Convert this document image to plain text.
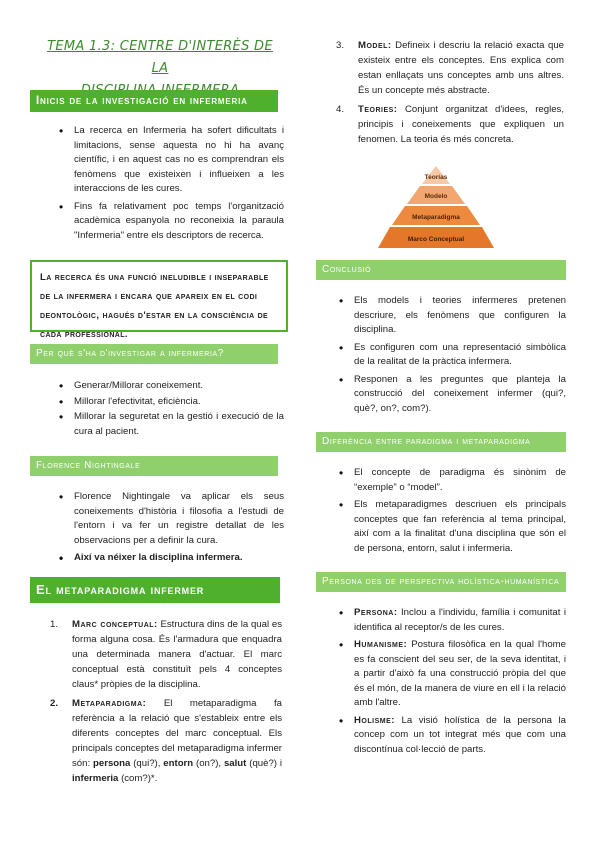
TEMA 1.3: CENTRE D'INTERÈS DE LA
Inicis de la investigació en infermeria
• La recerca en Infermeria ha sofert dificultats i limitacions, sense aquesta no hi ha avanç científic, i en aquest cas no es comprendran els fenòmens que existeixen i influeixen a les interaccions de les cures.
• Fins fa relativament poc temps l'organització acadèmica espanyola no reconeixia la paraula "Infermeria" entre els descriptors de recerca.
La recerca és una funció ineludible i inseparable de la infermera i encara que apareix en el codi deontològic, hagués d'estar en la consciència de cada professional.
Per què s'ha d'investigar a infermeria?
• Generar/Millorar coneixement.
• Millorar l'efectivitat, eficiència.
• Millorar la seguretat en la gestió i execució de la cura al pacient.
Florence Nightingale
• Florence Nightingale va aplicar els seus coneixements d'història i filosofia a l'estudi de l'entorn i va fer un registre detallat de les observacions per a definir la cura.
• Així va néixer la disciplina infermera.
El metaparadigma infermer
1. Marc conceptual: Estructura dins de la qual es forma alguna cosa. És l'armadura que enquadra una determinada manera d'actuar. El marc conceptual està constituït pels 4 conceptes claus* pròpies de la disciplina.
2. Metaparadigma: El metaparadigma fa referència a la relació que s'estableix entre els diferents conceptes del marc conceptual. Els principals conceptes del metaparadigma infermer són: persona (qui?), entorn (on?), salut (què?) i infermeria (com?)*.
3. Model: Defineix i descriu la relació exacta que existeix entre els conceptes. Ens explica com estan enllaçats uns conceptes amb uns altres. És un concepte més abstracte.
4. Teories: Conjunt organitzat d'idees, regles, principis i coneixements que expliquen un fenomen. La teoria és més concreta.
Teorías
Modelo
Metaparadigma
Marco Conceptual
Conclusió
• Els models i teories infermeres pretenen descriure, els fenòmens que configuren la disciplina.
• Es configuren com una representació simbòlica de la realitat de la pràctica infermera.
• Responen a les preguntes que planteja la construcció del coneixement infermer (qui?, què?, on?, com?).
Diferència entre paradigma i metaparadigma
• El concepte de paradigma és sinònim de “exemple” o “model”.
• Els metaparadigmes descriuen els principals conceptes que fan referència al tema principal, així com a la finalitat d'una disciplina que són el de persona, entorn, salut i infermeria.
Persona des de perspectiva holística-humanística
• Persona: Inclou a l'individu, família i comunitat i identifica al receptor/s de les cures.
• Humanisme: Postura filosòfica en la qual l'home es fa conscient del seu ser, de la seva identitat, i a partir d'això fa una construcció pròpia del que és el món, de la manera de viure en ell i la relació amb l'altre.
• Holisme: La visió holística de la persona la concep com un tot integrat més que com una discontínua col·lecció de parts.
